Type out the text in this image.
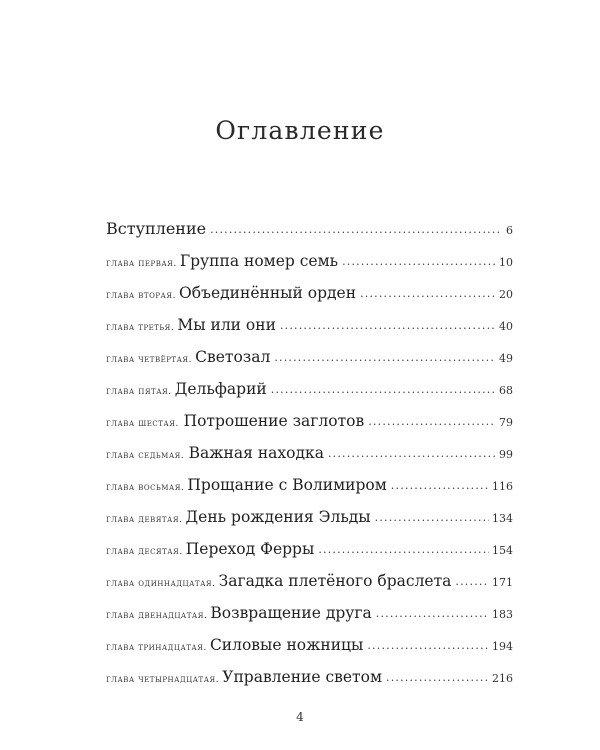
Оглавление
Вступление .....	6
глава первая. Группа номер семь .....	10
глава вторая. Объединённый орден .....	20
глава третья. Мы или они .....	40
глава четвёртая. Светозал .....	49
глава пятая. Дельфарий .....	68
глава шестая. Потрошение заглотов .....	79
глава седьмая. Важная находка .....	99
глава восьмая. Прощание с Волимиром .....	116
глава девятая. День рождения Эльды .....	134
глава десятая. Переход Ферры .....	154
глава одиннадцатая. Загадка плетёного браслета .....	171
глава двенадцатая. Возвращение друга .....	183
глава тринадцатая. Силовые ножницы .....	194
глава четырнадцатая. Управление светом .....	216
4
